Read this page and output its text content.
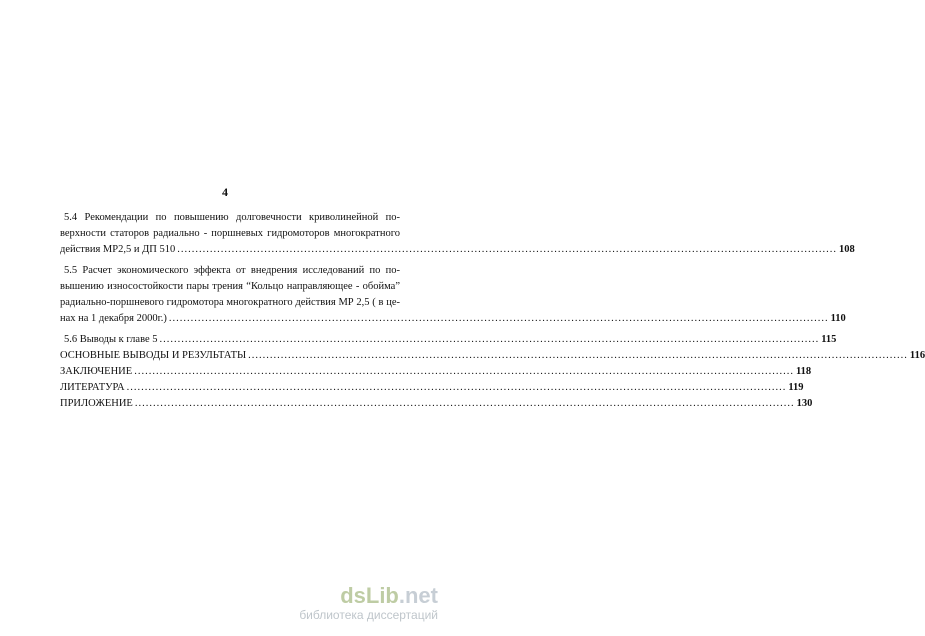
4
5.4 Рекомендации по повышению долговечности криволинейной по-
верхности статоров радиально - поршневых гидромоторов многократного
действия МР2,5 и ДП 510 ...................................................................................................................................................................................... 108
5.5 Расчет экономического эффекта от внедрения исследований по по-
вышению износостойкости пары трения “Кольцо направляющее - обойма”
радиально-поршневого гидромотора многократного действия МР 2,5 ( в це-
нах на 1 декабря 2000г.) ...................................................................................................................................................................................... 110
5.6 Выводы к главе 5 ...................................................................................................................................................................................... 115
ОСНОВНЫЕ ВЫВОДЫ И РЕЗУЛЬТАТЫ ...................................................................................................................................................................................... 116
ЗАКЛЮЧЕНИЕ ...................................................................................................................................................................................... 118
ЛИТЕРАТУРА ...................................................................................................................................................................................... 119
ПРИЛОЖЕНИЕ ...................................................................................................................................................................................... 130
dsLib.net
библиотека диссертаций
